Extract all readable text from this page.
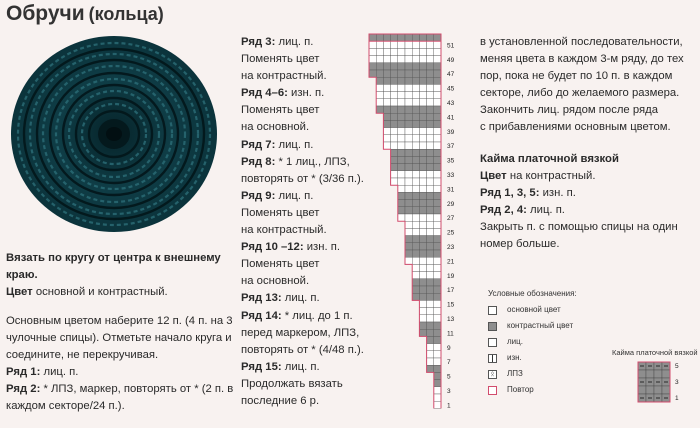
Обручи (кольца)

Вязать по кругу от центра к внешнему краю.

Цвет основной и контрастный.

Основным цветом наберите 12 п. (4 п. на 3 чулочные спицы). Отметьте начало круга и соедините, не перекручивая.

Ряд 1: лиц. п.

Ряд 2: * ЛПЗ, маркер, повторять от * (2 п. в каждом секторе/24 п.).

Ряд 3: лиц. п.

Поменять цвет

на контрастный.

Ряд 4–6: изн. п.

Поменять цвет

на основной.

Ряд 7: лиц. п.

Ряд 8: * 1 лиц., ЛПЗ,

повторять от * (3/36 п.).

Ряд 9: лиц. п.

Поменять цвет

на контрастный.

Ряд 10 –12: изн. п.

Поменять цвет

на основной.

Ряд 13: лиц. п.

Ряд 14: * лиц. до 1 п.

перед маркером, ЛПЗ,

повторять от * (4/48 п.).

Ряд 15: лиц. п.

Продолжать вязать

последние 6 р.

51
49
47
45
43
41
39
37
35
33
31
29
27
25
23
21
19
17
15
13
11
9
7
5
3
1

в установленной последовательности,

меняя цвета в каждом 3-м ряду, до тех

пор, пока не будет по 10 п. в каждом

секторе, либо до желаемого размера.

Закончить лиц. рядом после ряда

с прибавлениями основным цветом.

Кайма платочной вязкой

Цвет на контрастный.

Ряд 1, 3, 5: изн. п.

Ряд 2, 4: лиц. п.

Закрыть п. с помощью спицы на один номер больше.

Условные обозначения:
основной цвет
контрастный цвет
лиц.
изн.
ᛟ	ЛПЗ
Повтор
Кайма платочной вязкой
5
3
1
